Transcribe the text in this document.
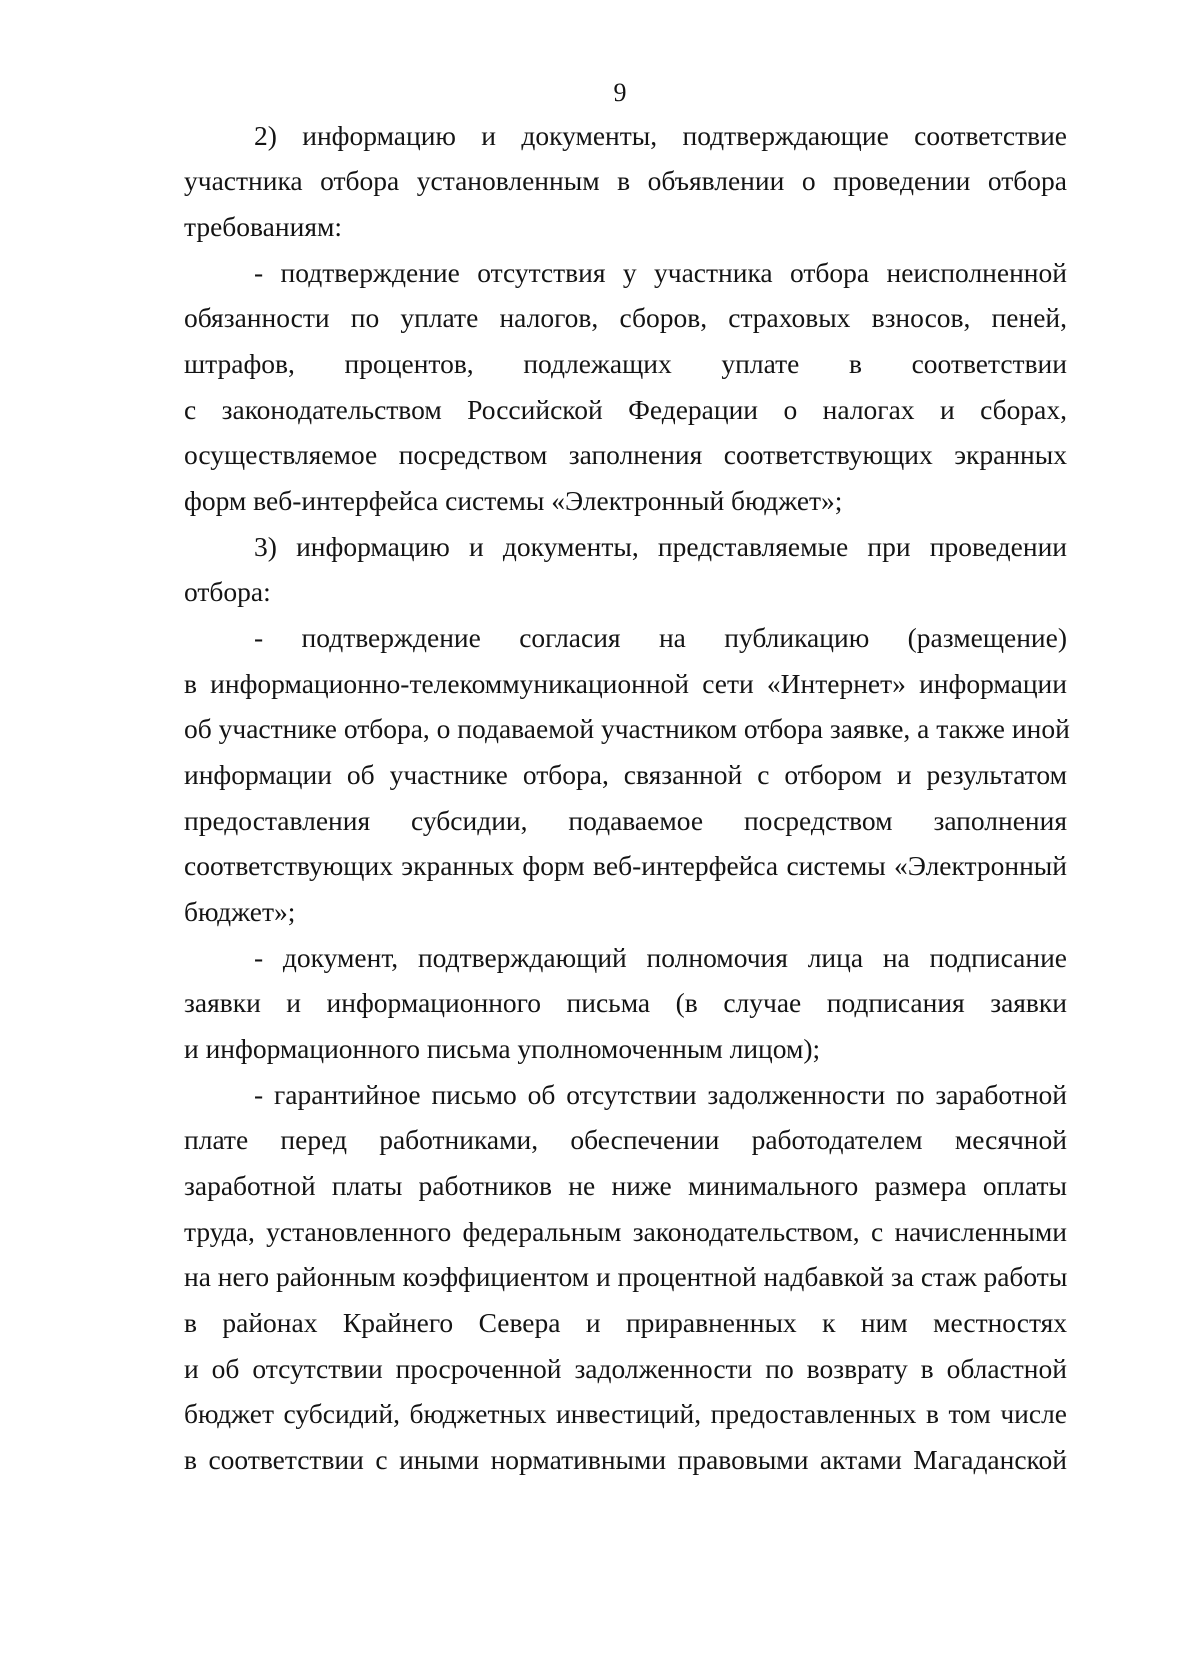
9
2) информацию и документы, подтверждающие соответствие
участника отбора установленным в объявлении о проведении отбора
требованиям:
- подтверждение отсутствия у участника отбора неисполненной
обязанности по уплате налогов, сборов, страховых взносов, пеней,
штрафов, процентов, подлежащих уплате в соответствии
с законодательством Российской Федерации о налогах и сборах,
осуществляемое посредством заполнения соответствующих экранных
форм веб-интерфейса системы «Электронный бюджет»;
3) информацию и документы, представляемые при проведении
отбора:
- подтверждение согласия на публикацию (размещение)
в информационно-телекоммуникационной сети «Интернет» информации
об участнике отбора, о подаваемой участником отбора заявке, а также иной
информации об участнике отбора, связанной с отбором и результатом
предоставления субсидии, подаваемое посредством заполнения
соответствующих экранных форм веб-интерфейса системы «Электронный
бюджет»;
- документ, подтверждающий полномочия лица на подписание
заявки и информационного письма (в случае подписания заявки
и информационного письма уполномоченным лицом);
- гарантийное письмо об отсутствии задолженности по заработной
плате перед работниками, обеспечении работодателем месячной
заработной платы работников не ниже минимального размера оплаты
труда, установленного федеральным законодательством, с начисленными
на него районным коэффициентом и процентной надбавкой за стаж работы
в районах Крайнего Севера и приравненных к ним местностях
и об отсутствии просроченной задолженности по возврату в областной
бюджет субсидий, бюджетных инвестиций, предоставленных в том числе
в соответствии с иными нормативными правовыми актами Магаданской
